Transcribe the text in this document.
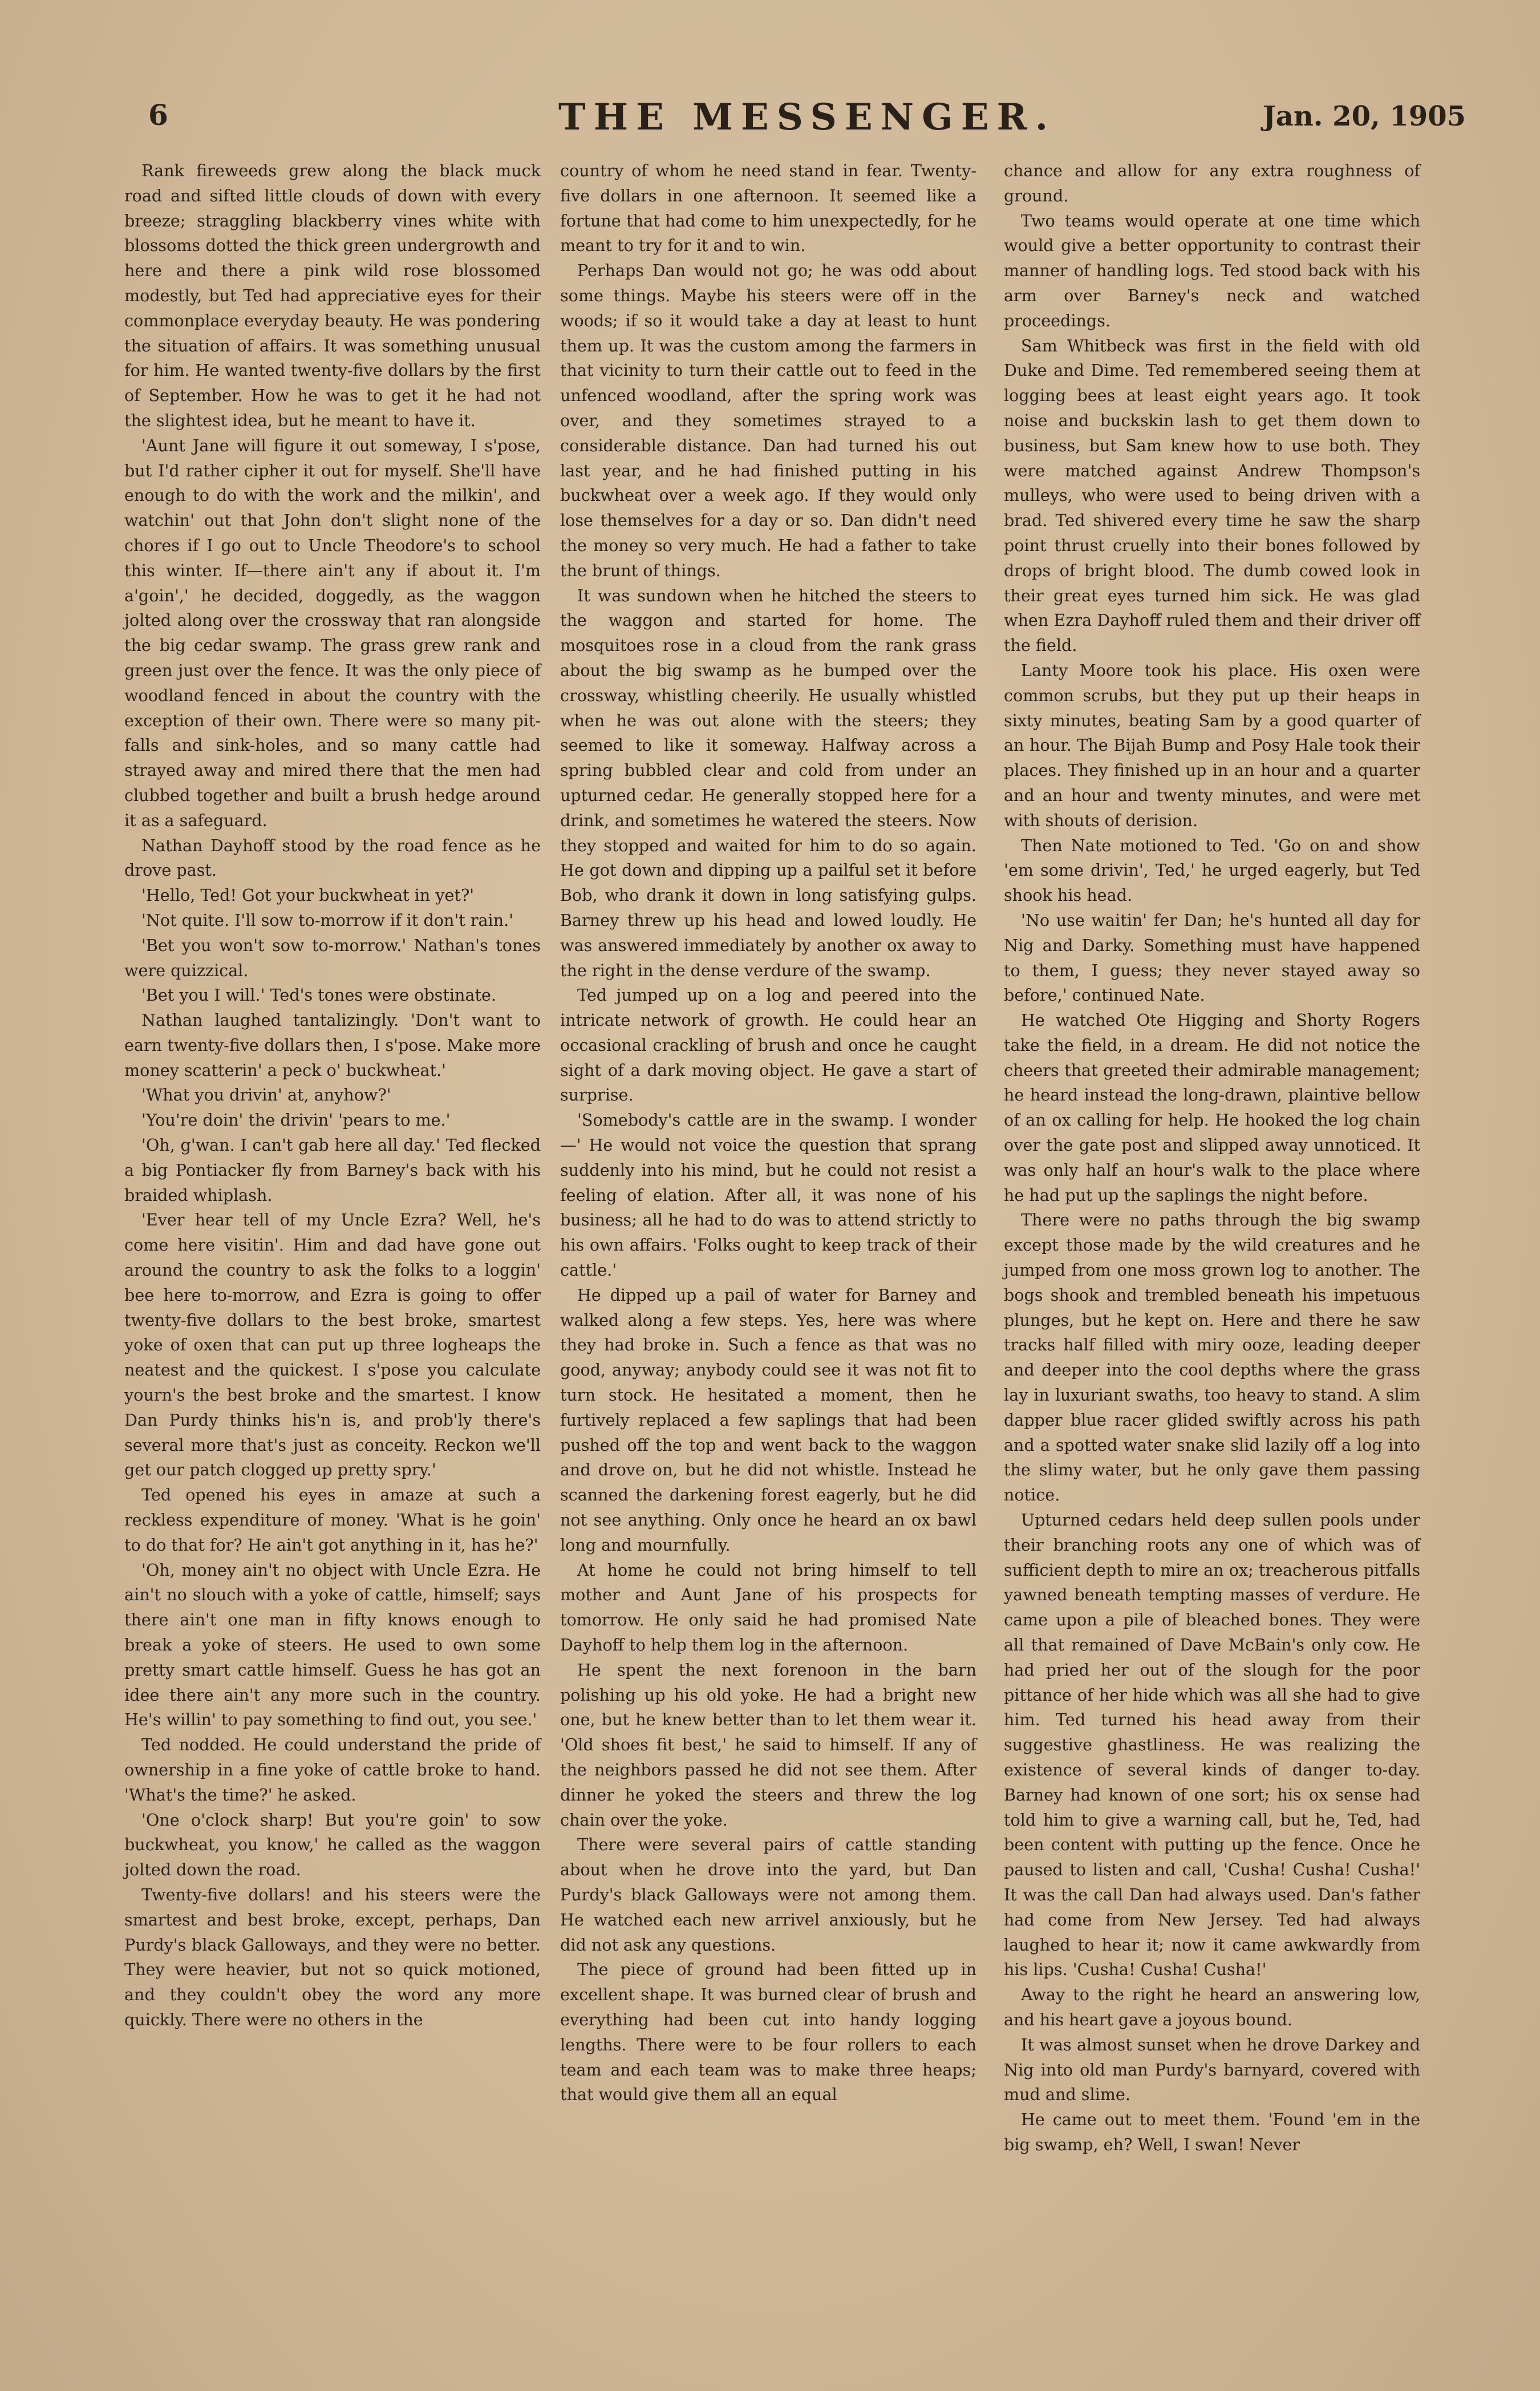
6	THE MESSENGER.	Jan. 20, 1905

Rank fireweeds grew along the black muck road and sifted little clouds of down with every breeze; straggling blackberry vines white with blossoms dotted the thick green undergrowth and here and there a pink wild rose blossomed modestly, but Ted had appreciative eyes for their commonplace everyday beauty. He was pondering the situation of affairs. It was something unusual for him. He wanted twenty-five dollars by the first of September. How he was to get it he had not the slightest idea, but he meant to have it.

'Aunt Jane will figure it out someway, I s'pose, but I'd rather cipher it out for myself. She'll have enough to do with the work and the milkin', and watchin' out that John don't slight none of the chores if I go out to Uncle Theodore's to school this winter. If—there ain't any if about it. I'm a'goin',' he decided, doggedly, as the waggon jolted along over the crossway that ran alongside the big cedar swamp. The grass grew rank and green just over the fence. It was the only piece of woodland fenced in about the country with the exception of their own. There were so many pit-falls and sink-holes, and so many cattle had strayed away and mired there that the men had clubbed together and built a brush hedge around it as a safeguard.

Nathan Dayhoff stood by the road fence as he drove past.

'Hello, Ted! Got your buckwheat in yet?'

'Not quite. I'll sow to-morrow if it don't rain.'

'Bet you won't sow to-morrow.' Nathan's tones were quizzical.

'Bet you I will.' Ted's tones were obstinate.

Nathan laughed tantalizingly. 'Don't want to earn twenty-five dollars then, I s'pose. Make more money scatterin' a peck o' buckwheat.'

'What you drivin' at, anyhow?'

'You're doin' the drivin' 'pears to me.'

'Oh, g'wan. I can't gab here all day.' Ted flecked a big Pontiacker fly from Barney's back with his braided whiplash.

'Ever hear tell of my Uncle Ezra? Well, he's come here visitin'. Him and dad have gone out around the country to ask the folks to a loggin' bee here to-morrow, and Ezra is going to offer twenty-five dollars to the best broke, smartest yoke of oxen that can put up three logheaps the neatest and the quickest. I s'pose you calculate yourn's the best broke and the smartest. I know Dan Purdy thinks his'n is, and prob'ly there's several more that's just as conceity. Reckon we'll get our patch clogged up pretty spry.'

Ted opened his eyes in amaze at such a reckless expenditure of money. 'What is he goin' to do that for? He ain't got anything in it, has he?'

'Oh, money ain't no object with Uncle Ezra. He ain't no slouch with a yoke of cattle, himself; says there ain't one man in fifty knows enough to break a yoke of steers. He used to own some pretty smart cattle himself. Guess he has got an idee there ain't any more such in the country. He's willin' to pay something to find out, you see.'

Ted nodded. He could understand the pride of ownership in a fine yoke of cattle broke to hand. 'What's the time?' he asked.

'One o'clock sharp! But you're goin' to sow buckwheat, you know,' he called as the waggon jolted down the road.

Twenty-five dollars! and his steers were the smartest and best broke, except, perhaps, Dan Purdy's black Galloways, and they were no better. They were heavier, but not so quick motioned, and they couldn't obey the word any more quickly. There were no others in the

country of whom he need stand in fear. Twenty-five dollars in one afternoon. It seemed like a fortune that had come to him unexpectedly, for he meant to try for it and to win.

Perhaps Dan would not go; he was odd about some things. Maybe his steers were off in the woods; if so it would take a day at least to hunt them up. It was the custom among the farmers in that vicinity to turn their cattle out to feed in the unfenced woodland, after the spring work was over, and they sometimes strayed to a considerable distance. Dan had turned his out last year, and he had finished putting in his buckwheat over a week ago. If they would only lose themselves for a day or so. Dan didn't need the money so very much. He had a father to take the brunt of things.

It was sundown when he hitched the steers to the waggon and started for home. The mosquitoes rose in a cloud from the rank grass about the big swamp as he bumped over the crossway, whistling cheerily. He usually whistled when he was out alone with the steers; they seemed to like it someway. Halfway across a spring bubbled clear and cold from under an upturned cedar. He generally stopped here for a drink, and sometimes he watered the steers. Now they stopped and waited for him to do so again. He got down and dipping up a pailful set it before Bob, who drank it down in long satisfying gulps. Barney threw up his head and lowed loudly. He was answered immediately by another ox away to the right in the dense verdure of the swamp.

Ted jumped up on a log and peered into the intricate network of growth. He could hear an occasional crackling of brush and once he caught sight of a dark moving object. He gave a start of surprise.

'Somebody's cattle are in the swamp. I wonder—' He would not voice the question that sprang suddenly into his mind, but he could not resist a feeling of elation. After all, it was none of his business; all he had to do was to attend strictly to his own affairs. 'Folks ought to keep track of their cattle.'

He dipped up a pail of water for Barney and walked along a few steps. Yes, here was where they had broke in. Such a fence as that was no good, anyway; anybody could see it was not fit to turn stock. He hesitated a moment, then he furtively replaced a few saplings that had been pushed off the top and went back to the waggon and drove on, but he did not whistle. Instead he scanned the darkening forest eagerly, but he did not see anything. Only once he heard an ox bawl long and mournfully.

At home he could not bring himself to tell mother and Aunt Jane of his prospects for tomorrow. He only said he had promised Nate Dayhoff to help them log in the afternoon.

He spent the next forenoon in the barn polishing up his old yoke. He had a bright new one, but he knew better than to let them wear it. 'Old shoes fit best,' he said to himself. If any of the neighbors passed he did not see them. After dinner he yoked the steers and threw the log chain over the yoke.

There were several pairs of cattle standing about when he drove into the yard, but Dan Purdy's black Galloways were not among them. He watched each new arrivel anxiously, but he did not ask any questions.

The piece of ground had been fitted up in excellent shape. It was burned clear of brush and everything had been cut into handy logging lengths. There were to be four rollers to each team and each team was to make three heaps; that would give them all an equal

chance and allow for any extra roughness of ground.

Two teams would operate at one time which would give a better opportunity to contrast their manner of handling logs. Ted stood back with his arm over Barney's neck and watched proceedings.

Sam Whitbeck was first in the field with old Duke and Dime. Ted remembered seeing them at logging bees at least eight years ago. It took noise and buckskin lash to get them down to business, but Sam knew how to use both. They were matched against Andrew Thompson's mulleys, who were used to being driven with a brad. Ted shivered every time he saw the sharp point thrust cruelly into their bones followed by drops of bright blood. The dumb cowed look in their great eyes turned him sick. He was glad when Ezra Dayhoff ruled them and their driver off the field.

Lanty Moore took his place. His oxen were common scrubs, but they put up their heaps in sixty minutes, beating Sam by a good quarter of an hour. The Bijah Bump and Posy Hale took their places. They finished up in an hour and a quarter and an hour and twenty minutes, and were met with shouts of derision.

Then Nate motioned to Ted. 'Go on and show 'em some drivin', Ted,' he urged eagerly, but Ted shook his head.

'No use waitin' fer Dan; he's hunted all day for Nig and Darky. Something must have happened to them, I guess; they never stayed away so before,' continued Nate.

He watched Ote Higging and Shorty Rogers take the field, in a dream. He did not notice the cheers that greeted their admirable management; he heard instead the long-drawn, plaintive bellow of an ox calling for help. He hooked the log chain over the gate post and slipped away unnoticed. It was only half an hour's walk to the place where he had put up the saplings the night before.

There were no paths through the big swamp except those made by the wild creatures and he jumped from one moss grown log to another. The bogs shook and trembled beneath his impetuous plunges, but he kept on. Here and there he saw tracks half filled with miry ooze, leading deeper and deeper into the cool depths where the grass lay in luxuriant swaths, too heavy to stand. A slim dapper blue racer glided swiftly across his path and a spotted water snake slid lazily off a log into the slimy water, but he only gave them passing notice.

Upturned cedars held deep sullen pools under their branching roots any one of which was of sufficient depth to mire an ox; treacherous pitfalls yawned beneath tempting masses of verdure. He came upon a pile of bleached bones. They were all that remained of Dave McBain's only cow. He had pried her out of the slough for the poor pittance of her hide which was all she had to give him. Ted turned his head away from their suggestive ghastliness. He was realizing the existence of several kinds of danger to-day. Barney had known of one sort; his ox sense had told him to give a warning call, but he, Ted, had been content with putting up the fence. Once he paused to listen and call, 'Cusha! Cusha! Cusha!' It was the call Dan had always used. Dan's father had come from New Jersey. Ted had always laughed to hear it; now it came awkwardly from his lips. 'Cusha! Cusha! Cusha!'

Away to the right he heard an answering low, and his heart gave a joyous bound.

It was almost sunset when he drove Darkey and Nig into old man Purdy's barnyard, covered with mud and slime.

He came out to meet them. 'Found 'em in the big swamp, eh? Well, I swan! Never
